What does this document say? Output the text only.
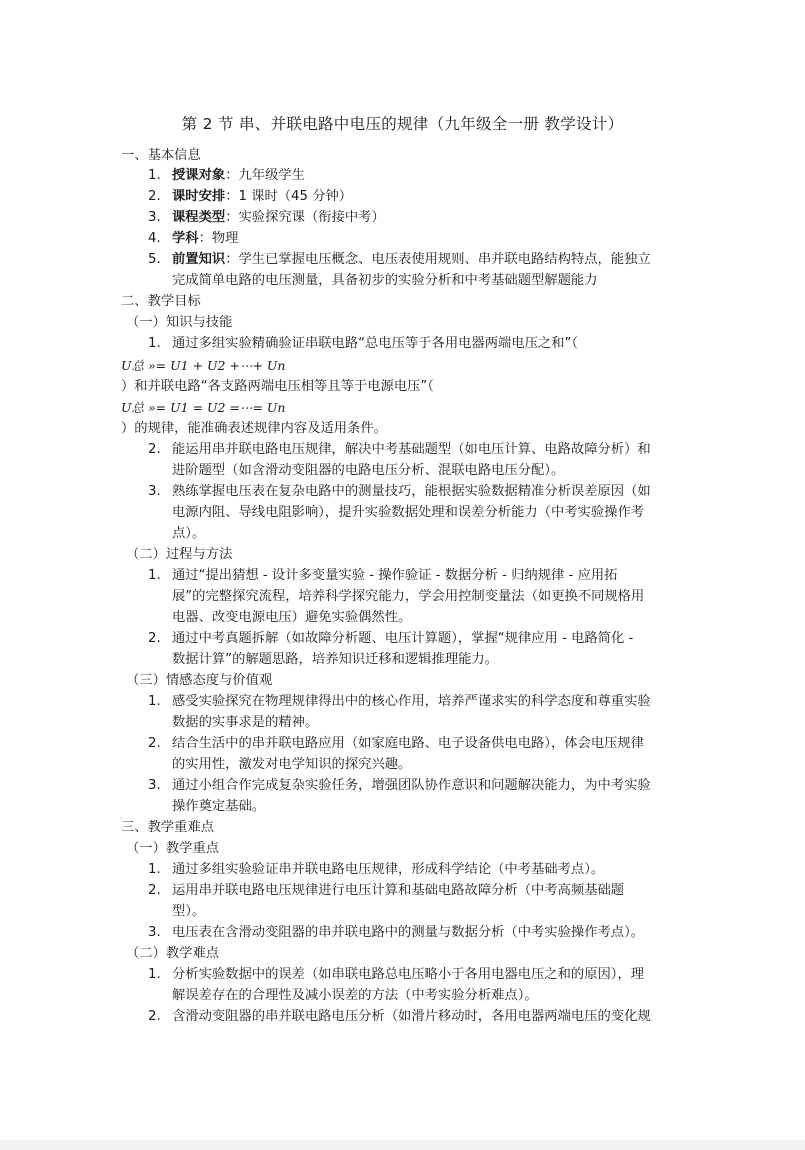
第 2 节 串、并联电路中电压的规律（九年级全一册 教学设计）
一、基本信息
1. 授课对象：九年级学生
2. 课时安排：1 课时（45 分钟）
3. 课程类型：实验探究课（衔接中考）
4. 学科：物理
5. 前置知识：学生已掌握电压概念、电压表使用规则、串并联电路结构特点，能独立
完成简单电路的电压测量，具备初步的实验分析和中考基础题型解题能力
二、教学目标
（一）知识与技能
1. 通过多组实验精确验证串联电路“总电压等于各用电器两端电压之和”（
U总 »= U1 + U2 +⋯+ Un
）和并联电路“各支路两端电压相等且等于电源电压”（
U总 »= U1 = U2 =⋯= Un
）的规律，能准确表述规律内容及适用条件。
2. 能运用串并联电路电压规律，解决中考基础题型（如电压计算、电路故障分析）和
进阶题型（如含滑动变阻器的电路电压分析、混联电路电压分配）。
3. 熟练掌握电压表在复杂电路中的测量技巧，能根据实验数据精准分析误差原因（如
电源内阻、导线电阻影响），提升实验数据处理和误差分析能力（中考实验操作考
点）。
（二）过程与方法
1. 通过“提出猜想 - 设计多变量实验 - 操作验证 - 数据分析 - 归纳规律 - 应用拓
展”的完整探究流程，培养科学探究能力，学会用控制变量法（如更换不同规格用
电器、改变电源电压）避免实验偶然性。
2. 通过中考真题拆解（如故障分析题、电压计算题），掌握“规律应用 - 电路简化 -
数据计算”的解题思路，培养知识迁移和逻辑推理能力。
（三）情感态度与价值观
1. 感受实验探究在物理规律得出中的核心作用，培养严谨求实的科学态度和尊重实验
数据的实事求是的精神。
2. 结合生活中的串并联电路应用（如家庭电路、电子设备供电电路），体会电压规律
的实用性，激发对电学知识的探究兴趣。
3. 通过小组合作完成复杂实验任务，增强团队协作意识和问题解决能力，为中考实验
操作奠定基础。
三、教学重难点
（一）教学重点
1. 通过多组实验验证串并联电路电压规律，形成科学结论（中考基础考点）。
2. 运用串并联电路电压规律进行电压计算和基础电路故障分析（中考高频基础题
型）。
3. 电压表在含滑动变阻器的串并联电路中的测量与数据分析（中考实验操作考点）。
（二）教学难点
1. 分析实验数据中的误差（如串联电路总电压略小于各用电器电压之和的原因），理
解误差存在的合理性及减小误差的方法（中考实验分析难点）。
2. 含滑动变阻器的串并联电路电压分析（如滑片移动时，各用电器两端电压的变化规
